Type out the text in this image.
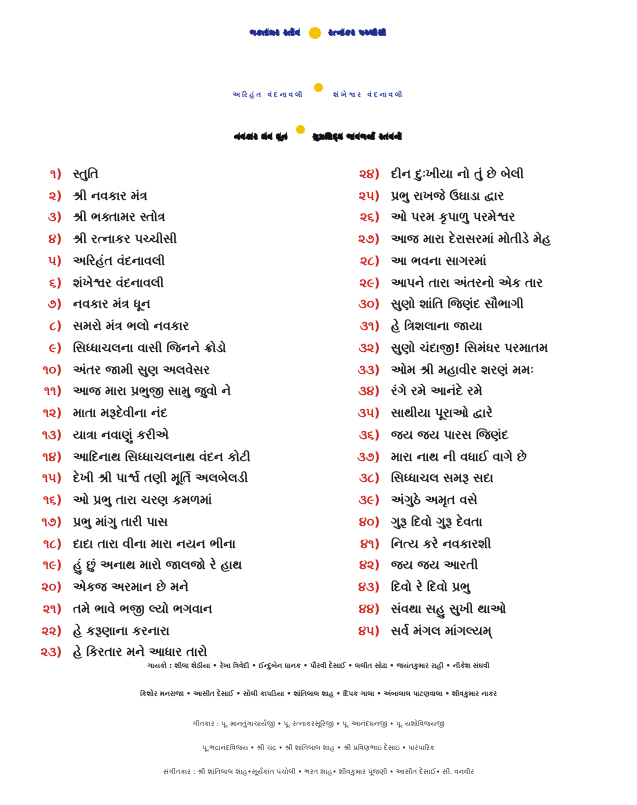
ભક્તામર સ્તોત્ર	રત્નાકર પચ્ચીસી
અરિહંત વંદનાવલી	શંખેશ્વર વંદનાવલી
નવકાર મંત્ર ધૂન	સુપ્રસિદ્ધ ભાવભર્યા સ્તવનો
૧) સ્તુતિ
૨) શ્રી નવકાર મંત્ર
૩) શ્રી ભક્તામર સ્તોત્ર
૪) શ્રી રત્નાકર પચ્ચીસી
૫) અરિહંત વંદનાવલી
૬) શંખેશ્વર વંદનાવલી
૭) નવકાર મંત્ર ધૂન
૮) સમરો મંત્ર ભલો નવકાર
૯) સિધ્ધાચલના વાસી જિનને ક્રોડો
૧૦) અંતર જામી સુણ અલવેસર
૧૧) આજ મારા પ્રભુજી સામુ જુવો ને
૧૨) માતા મરૂદેવીના નંદ
૧૩) યાત્રા નવાણું કરીએ
૧૪) આદિનાથ સિધ્ધાચલનાથ વંદન કોટી
૧૫) દેખી શ્રી પાર્શ્વ તણી મૂર્તિ અલબેલડી
૧૬) ઓ પ્રભુ તારા ચરણ કમળમાં
૧૭) પ્રભુ માંગુ તારી પાસ
૧૮) દાદા તારા વીના મારા નયન ભીના
૧૯) હું છું અનાથ મારો જાલજો રે હાથ
૨૦) એકજ અરમાન છે મને
૨૧) તમે ભાવે ભજી લ્યો ભગવાન
૨૨) હે કરૂણાના કરનારા
૨૩) હે કિરતાર મને આધાર તારો
૨૪) દીન દુઃખીયા નો તું છે બેલી
૨૫) પ્રભુ રાખજે ઉઘાડા દ્વાર
૨૬) ઓ પરમ કૃપાળુ પરમેશ્વર
૨૭) આજ મારા દેરાસરમાં મોતીડે મેહ
૨૮) આ ભવના સાગરમાં
૨૯) આપને તારા અંતરનો એક તાર
૩૦) સુણો શાંતિ જિણંદ સૌભાગી
૩૧) હે ત્રિશલાના જાયા
૩૨) સુણો ચંદાજી! સિમંધર પરમાતમ
૩૩) ઓમ શ્રી મહાવીર શરણં મમઃ
૩૪) રંગે રમે આનંદે રમે
૩૫) સાથીયા પૂરાઓ દ્વારે
૩૬) જય જય પારસ જિણંદ
૩૭) મારા નાથ ની વધાઈ વાગે છે
૩૮) સિધ્ધાચલ સમરૂ સદા
૩૯) અંગુઠે અમૃત વસે
૪૦) ગુરૂ દિવો ગુરૂ દેવતા
૪૧) નિત્ય કરે નવકારશી
૪૨) જય જય આરતી
૪૩) દિવો રે દિવો પ્રભુ
૪૪) સંવથા સહુ સુખી થાઓ
૪૫) સર્વ મંગલ માંગલ્યમ્
ગાયકો : શીલા શેઠીયા • રેખા ત્રિવેદી • ઈન્દુબેન ધાનક • પૌરવી દેસાઈ • લલીત સોઢા • જયંતકુમાર રાહી • નીકેશ સંઘવી
કિશોર મનરાજા • આસીત દેસાઈ • સોલી કાપડિયા • શાંતિલાલ શાહ • દિપક ગાલા • અંબાલાલ પાટણવાલા • શીવકુમાર નાકર
ગીતકાર : પૂ. માનતુંગાચાર્યજી • પૂ. રત્નાકરસૂરિજી • પૂ. આનંદઘનજી • પૂ. યશોવિજયજી
પૂ.ભદ્રાનંદવિજય • શ્રી ચંદ્ર • શ્રી શાંતિલાલ શાહ • શ્રી પ્રવિણભાઇ દેસાઇ • પારંપારિક
સંગીતકાર : શ્રી શાંતિલાલ શાહ•સૂર્યકાંત પંચોલી • ભરત શાહ• શીવકુમાર પૂંજણી • આસીત દેસાઈ• સી. વનવીર
